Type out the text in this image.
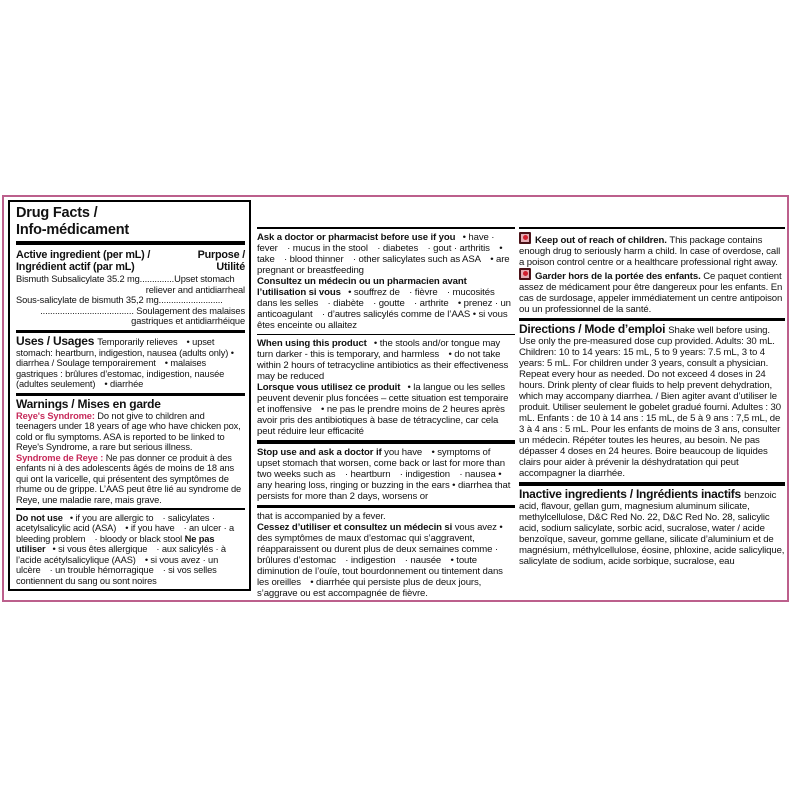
Drug Facts /
Info-médicament
Active ingredient (per mL) /
Ingrédient actif (par mL)
Purpose /
Utilité
Bismuth Subsalicylate 35.2 mg..............Upset stomach
reliever and antidiarrheal
Sous-salicylate de bismuth 35,2 mg..........................
...................................... Soulagement des malaises
gastriques et antidiarrhéique
Uses / Usages Temporarily relieves  • upset stomach: heartburn, indigestion, nausea (adults only) • diarrhea / Soulage temporairement  • malaises gastriques : brûlures d’estomac, indigestion, nausée (adultes seulement)  • diarrhée
Warnings / Mises en garde
Reye's Syndrome: Do not give to children and teenagers under 18 years of age who have chicken pox, cold or flu symptoms. ASA is reported to be linked to Reye's Syndrome, a rare but serious illness.
Syndrome de Reye : Ne pas donner ce produit à des enfants ni à des adolescents âgés de moins de 18 ans qui ont la varicelle, qui présentent des symptômes de rhume ou de grippe. L’AAS peut être lié au syndrome de Reye, une maladie rare, mais grave.
Do not use  • if you are allergic to  · salicylates · acetylsalicylic acid (ASA)  • if you have  · an ulcer · a bleeding problem  · bloody or black stool Ne pas utiliser  • si vous êtes allergique  · aux salicylés · à l’acide acétylsalicylique (AAS)  • si vous avez · un ulcère  · un trouble hémorragique  · si vos selles contiennent du sang ou sont noires
Ask a doctor or pharmacist before use if you  • have · fever  · mucus in the stool  · diabetes  · gout · arthritis  • take  · blood thinner  · other salicylates such as ASA  • are pregnant or breastfeeding
Consultez un médecin ou un pharmacien avant l’utilisation si vous  • souffrez de  · fièvre  · mucosités dans les selles  · diabète  · goutte  · arthrite  • prenez · un anticoagulant  · d’autres salicylés comme de l’AAS • si vous êtes enceinte ou allaitez
When using this product  • the stools and/or tongue may turn darker - this is temporary, and harmless  • do not take within 2 hours of tetracycline antibiotics as their effectiveness may be reduced
Lorsque vous utilisez ce produit  • la langue ou les selles peuvent devenir plus foncées – cette situation est temporaire et inoffensive  • ne pas le prendre moins de 2 heures après avoir pris des antibiotiques à base de tétracycline, car cela peut réduire leur efficacité
Stop use and ask a doctor if you have  • symptoms of upset stomach that worsen, come back or last for more than two weeks such as  · heartburn  · indigestion  · nausea • any hearing loss, ringing or buzzing in the ears • diarrhea that persists for more than 2 days, worsens or
that is accompanied by a fever.
Cessez d’utiliser et consultez un médecin si vous avez • des symptômes de maux d’estomac qui s’aggravent, réapparaissent ou durent plus de deux semaines comme · brûlures d’estomac  · indigestion  · nausée  • toute diminution de l’ouïe, tout bourdonnement ou tintement dans les oreilles  • diarrhée qui persiste plus de deux jours, s’aggrave ou est accompagnée de fièvre.
Keep out of reach of children. This package contains enough drug to seriously harm a child. In case of overdose, call a poison control centre or a healthcare professional right away.
Garder hors de la portée des enfants. Ce paquet contient assez de médicament pour être dangereux pour les enfants. En cas de surdosage, appeler immédiatement un centre antipoison ou un professionnel de la santé.
Directions / Mode d’emploi Shake well before using. Use only the pre-measured dose cup provided. Adults: 30 mL. Children: 10 to 14 years: 15 mL, 5 to 9 years: 7.5 mL, 3 to 4 years: 5 mL. For children under 3 years, consult a physician. Repeat every hour as needed. Do not exceed 4 doses in 24 hours. Drink plenty of clear fluids to help prevent dehydration, which may accompany diarrhea. / Bien agiter avant d’utiliser le produit. Utiliser seulement le gobelet gradué fourni. Adultes : 30 mL. Enfants : de 10 à 14 ans : 15 mL, de 5 à 9 ans : 7,5 mL, de 3 à 4 ans : 5 mL. Pour les enfants de moins de 3 ans, consulter un médecin. Répéter toutes les heures, au besoin. Ne pas dépasser 4 doses en 24 heures. Boire beaucoup de liquides clairs pour aider à prévenir la déshydratation qui peut accompagner la diarrhée.
Inactive ingredients / Ingrédients inactifs benzoic acid, flavour, gellan gum, magnesium aluminum silicate, methylcellulose, D&C Red No. 22, D&C Red No. 28, salicylic acid, sodium salicylate, sorbic acid, sucralose, water / acide benzoïque, saveur, gomme gellane, silicate d’aluminium et de magnésium, méthylcellulose, éosine, phloxine, acide salicylique, salicylate de sodium, acide sorbique, sucralose, eau
